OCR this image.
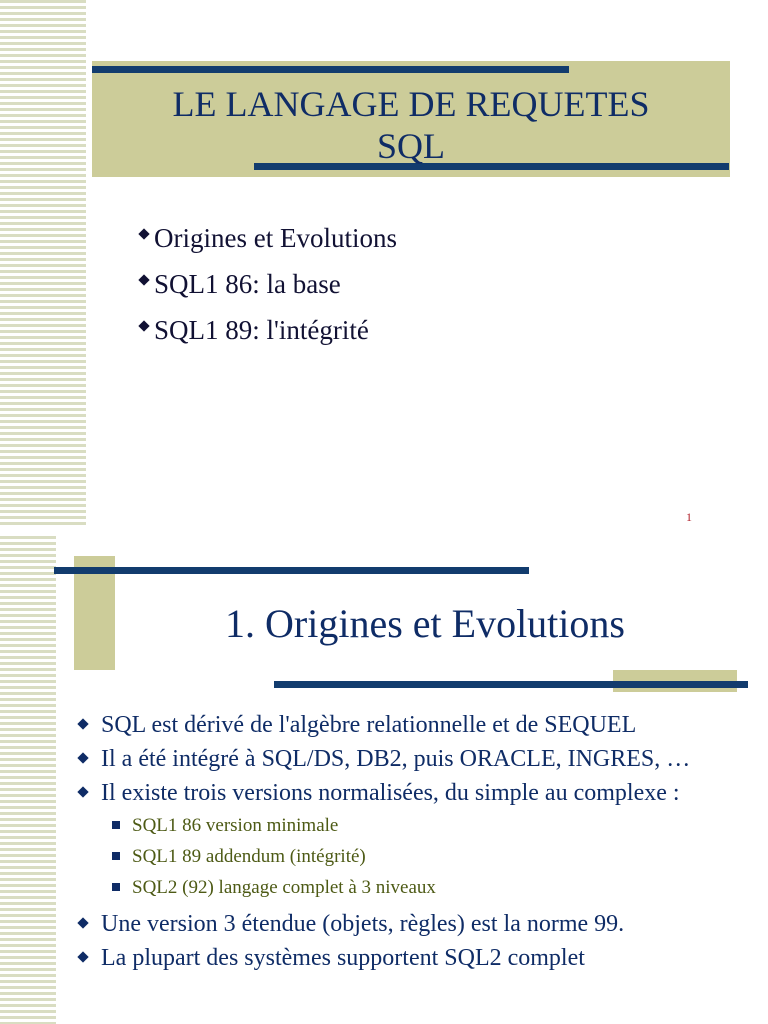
LE LANGAGE DE REQUETES
SQL
Origines et Evolutions
SQL1 86: la base
SQL1 89: l'intégrité
1
1. Origines et Evolutions
SQL est dérivé de l'algèbre relationnelle et de SEQUEL
Il a été intégré à SQL/DS, DB2, puis ORACLE, INGRES, …
Il existe trois versions normalisées, du simple au complexe :
SQL1 86 version minimale
SQL1 89 addendum (intégrité)
SQL2 (92) langage complet à 3 niveaux
Une version 3 étendue (objets, règles) est la norme 99.
La plupart des systèmes supportent SQL2 complet
